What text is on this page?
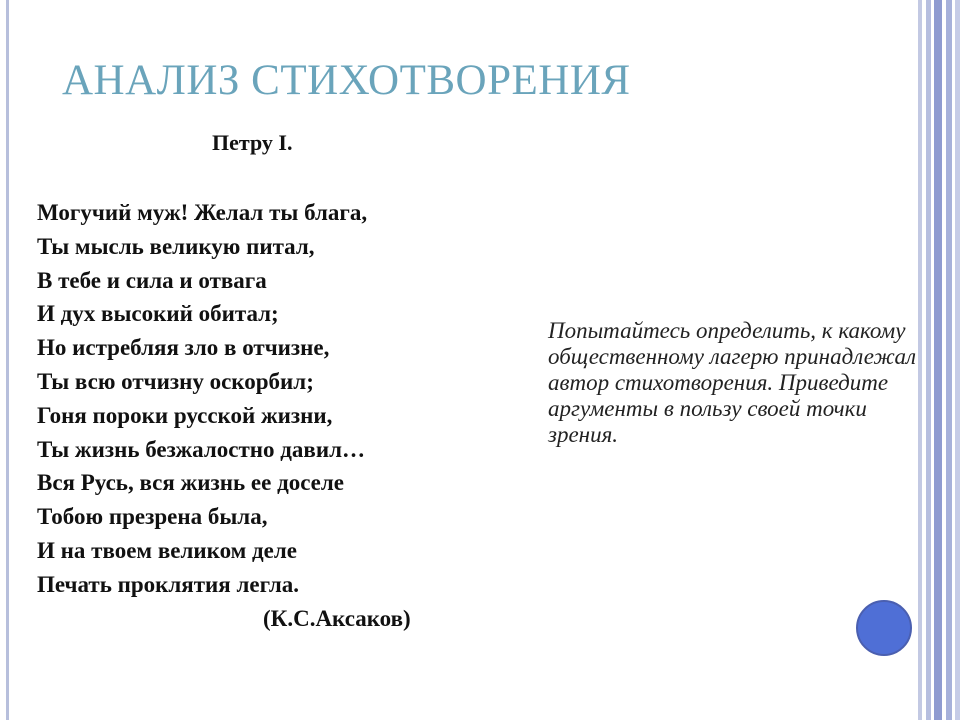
АНАЛИЗ СТИХОТВОРЕНИЯ
Петру I.
Могучий муж! Желал ты блага,
Ты мысль великую питал,
В тебе и сила и отвага
И дух высокий обитал;
Но истребляя зло в отчизне,
Ты всю отчизну оскорбил;
Гоня пороки русской жизни,
Ты жизнь безжалостно давил…
Вся Русь, вся жизнь ее доселе
Тобою презрена была,
И на твоем великом деле
Печать проклятия легла.
(К.С.Аксаков)
Попытайтесь определить, к какому общественному лагерю принадлежал автор стихотворения. Приведите аргументы в пользу своей точки зрения.
